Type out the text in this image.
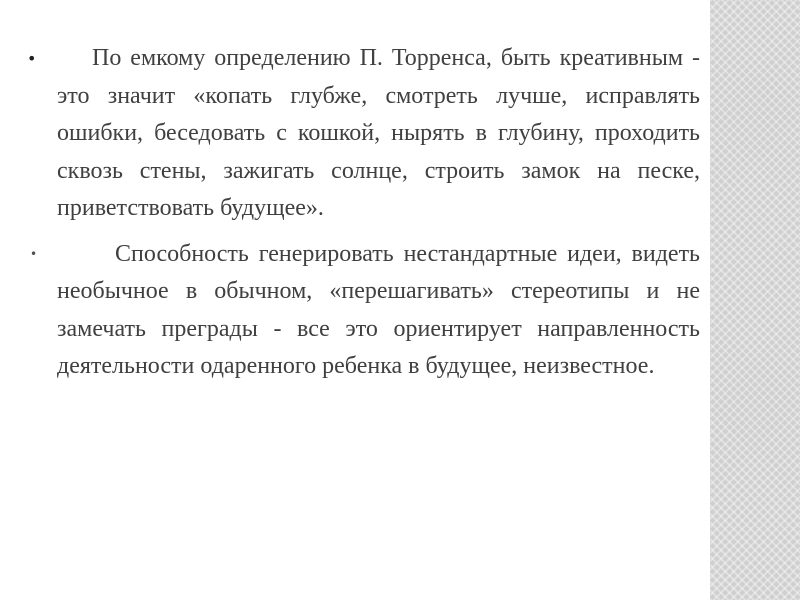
•	По емкому определению П. Торренса, быть креативным - это значит «копать глубже, смотреть лучше, исправлять ошибки, беседовать с кошкой, нырять в глубину, проходить сквозь стены, зажигать солнце, строить замок на песке, приветствовать будущее».
•	Способность генерировать нестандартные идеи, видеть необычное в обычном, «перешагивать» стереотипы и не замечать преграды - все это ориентирует направленность деятельности одаренного ребенка в будущее, неизвестное.
